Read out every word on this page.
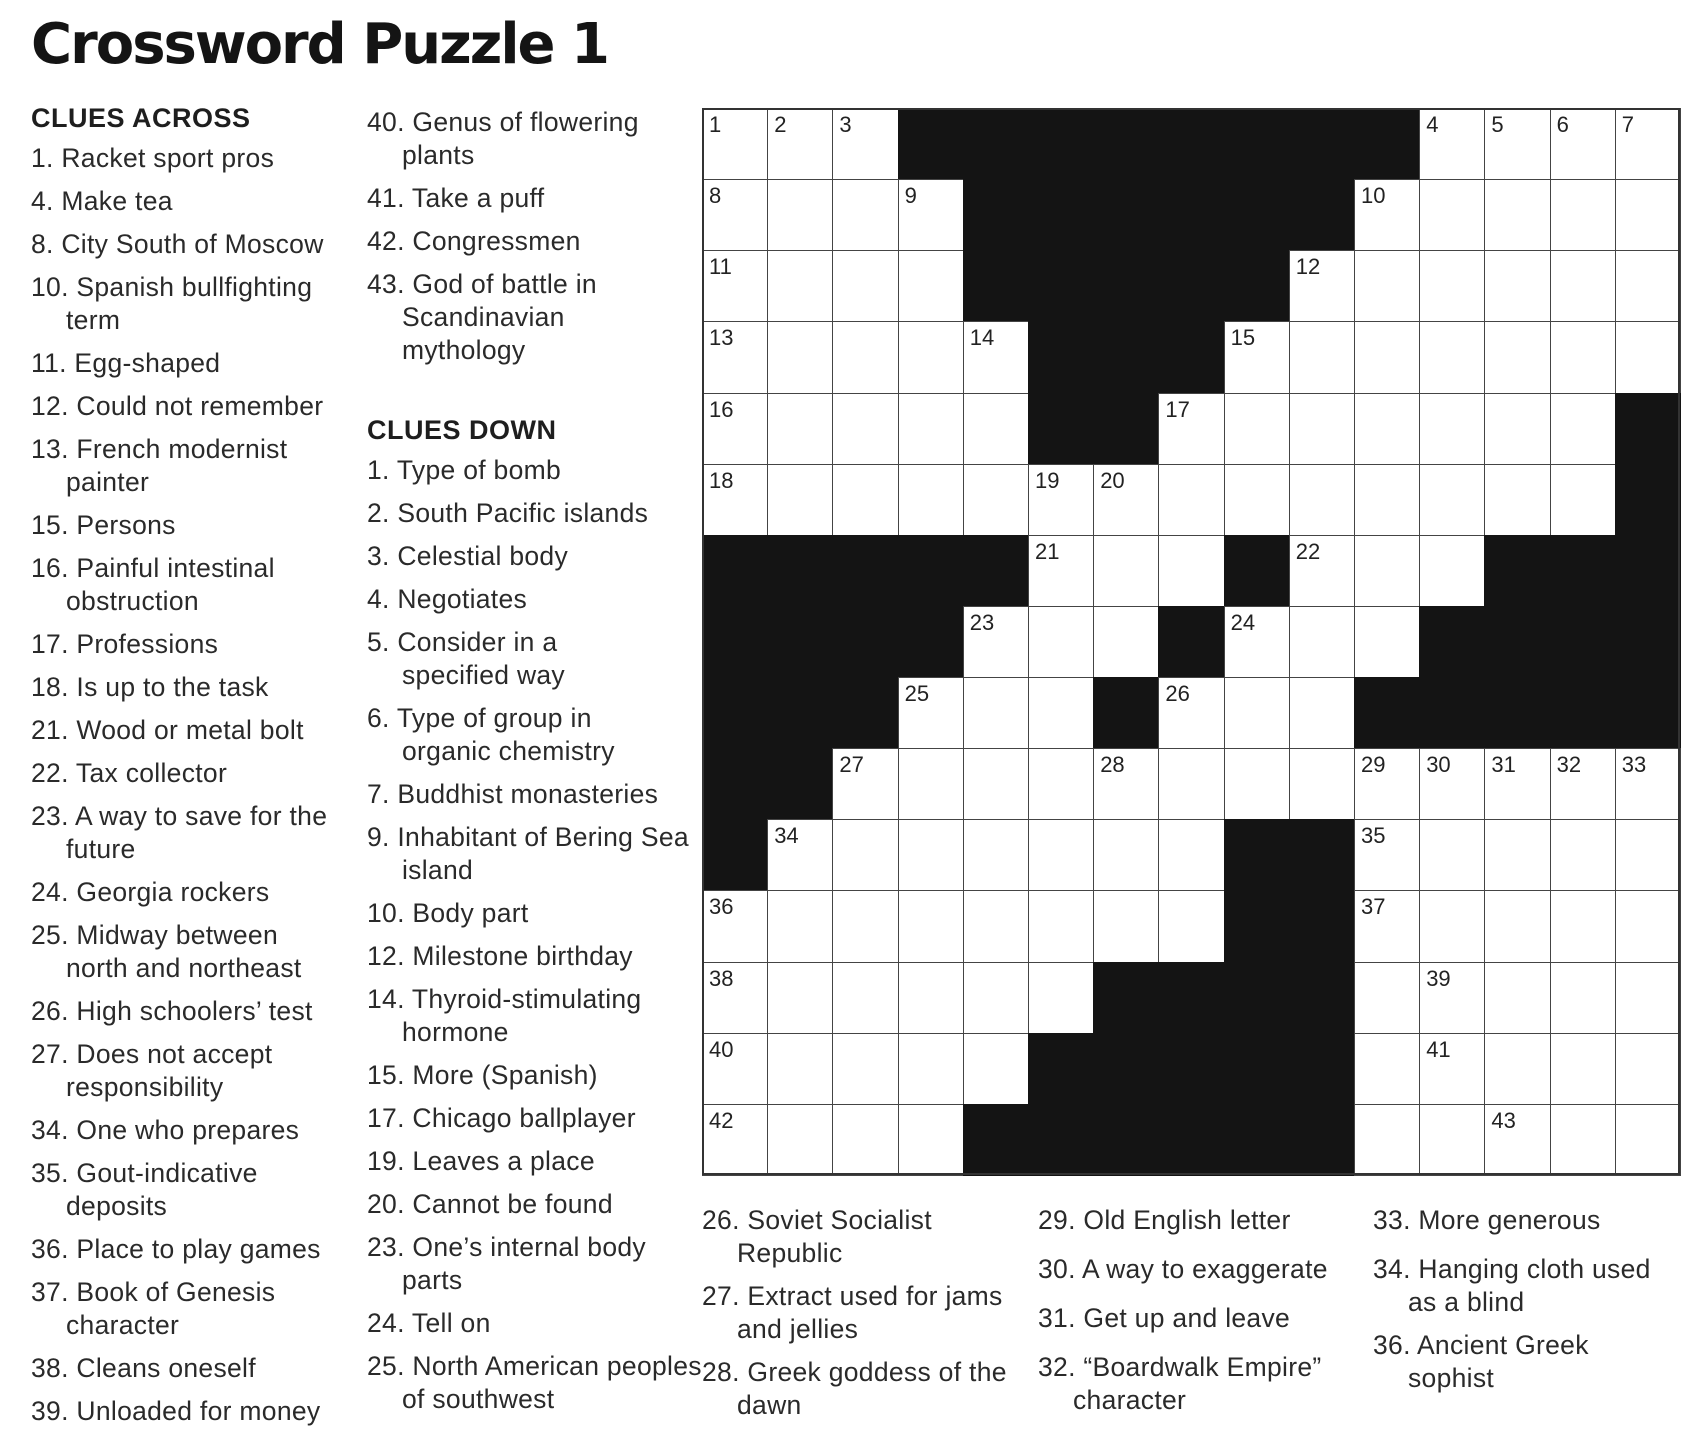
Crossword Puzzle 1
CLUES ACROSS
1. Racket sport pros
4. Make tea
8. City South of Moscow
10. Spanish bullfighting term
11. Egg-shaped
12. Could not remember
13. French modernist painter
15. Persons
16. Painful intestinal obstruction
17. Professions
18. Is up to the task
21. Wood or metal bolt
22. Tax collector
23. A way to save for the future
24. Georgia rockers
25. Midway between north and northeast
26. High schoolers’ test
27. Does not accept responsibility
34. One who prepares
35. Gout-indicative deposits
36. Place to play games
37. Book of Genesis character
38. Cleans oneself
39. Unloaded for money
40. Genus of flowering plants
41. Take a puff
42. Congressmen
43. God of battle in Scandinavian mythology
CLUES DOWN
1. Type of bomb
2. South Pacific islands
3. Celestial body
4. Negotiates
5. Consider in a specified way
6. Type of group in organic chemistry
7. Buddhist monasteries
9. Inhabitant of Bering Sea island
10. Body part
12. Milestone birthday
14. Thyroid-stimulating hormone
15. More (Spanish)
17. Chicago ballplayer
19. Leaves a place
20. Cannot be found
23. One’s internal body parts
24. Tell on
25. North American peoples of southwest
1 2 3	4 5 6 7
8	9	10
11	12
13	14	15
16	17
18	19 20
21	22
23	24
25	26
27	28	29 30 31 32 33
34	35
36	37
38	39
40	41
42	43
26. Soviet Socialist Republic
27. Extract used for jams and jellies
28. Greek goddess of the dawn
29. Old English letter
30. A way to exaggerate
31. Get up and leave
32. “Boardwalk Empire” character
33. More generous
34. Hanging cloth used as a blind
36. Ancient Greek sophist
